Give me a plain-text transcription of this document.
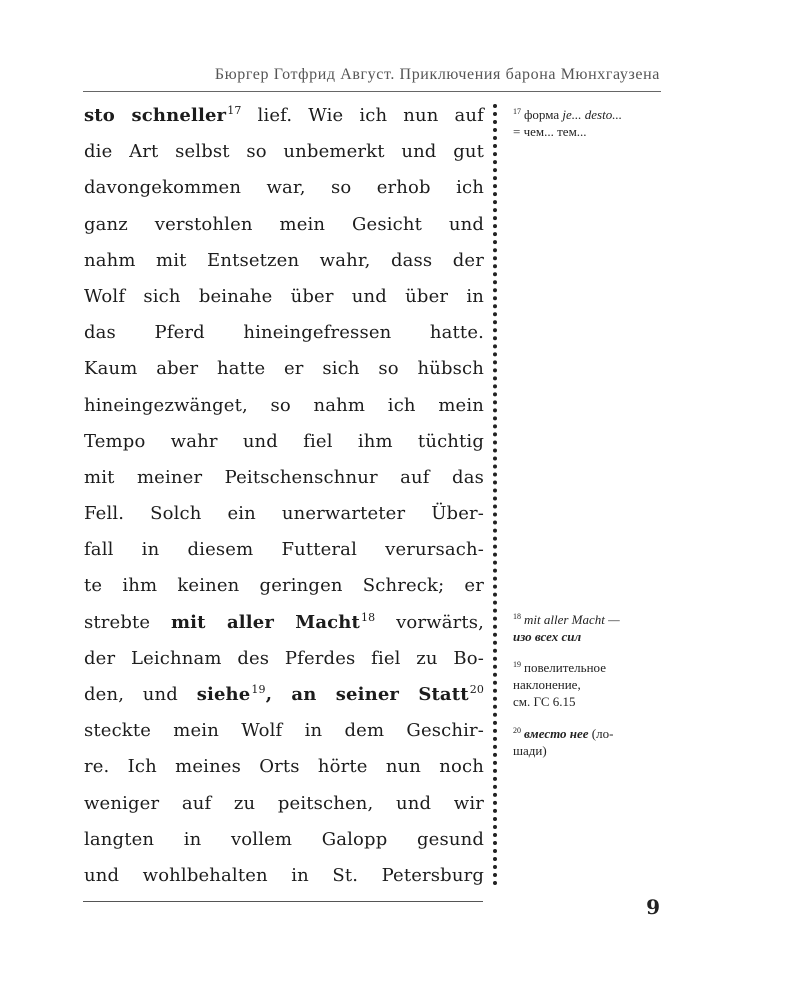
Бюргер Готфрид Август. Приключения барона Мюнхгаузена
sto schneller$^{17}$ lief. Wie ich nun auf
die Art selbst so unbemerkt und gut
davongekommen war, so erhob ich
ganz verstohlen mein Gesicht und
nahm mit Entsetzen wahr, dass der
Wolf sich beinahe über und über in
das Pferd hineingefressen hatte.
Kaum aber hatte er sich so hübsch
hineingezwänget, so nahm ich mein
Tempo wahr und fiel ihm tüchtig
mit meiner Peitschenschnur auf das
Fell. Solch ein unerwarteter Über-
fall in diesem Futteral verursach-
te ihm keinen geringen Schreck; er
strebte mit aller Macht$^{18}$ vorwärts,
der Leichnam des Pferdes fiel zu Bo-
den, und siehe$^{19}$, an seiner Statt$^{20}$
steckte mein Wolf in dem Geschir-
re. Ich meines Orts hörte nun noch
weniger auf zu peitschen, und wir
langten in vollem Galopp gesund
und wohlbehalten in St. Petersburg
$^{17}$ форма je... desto...
= чем... тем...
$^{18}$ mit aller Macht —
изо всех сил
$^{19}$ повелительное
наклонение,
см. ГС 6.15
$^{20}$ вместо нее (ло-
шади)
9
